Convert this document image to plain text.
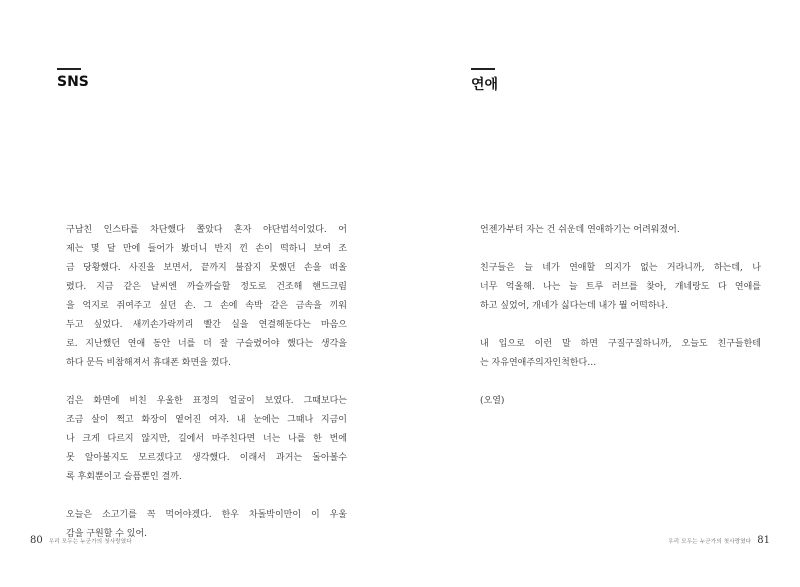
SNS

구남친 인스타를 차단했다 쫄았다 혼자 야단법석이었다. 어
제는 몇 달 만에 들어가 봤더니 반지 낀 손이 떡하니 보여 조
금 당황했다. 사진을 보면서, 끝까지 불잡지 못했던 손을 떠올
렸다. 지금 같은 날씨엔 까슬까슬할 정도로 건조해 핸드크림
을 억지로 쥐여주고 싶던 손. 그 손에 속박 같은 금속을 끼워
두고 싶었다. 새끼손가락끼리 빨간 실을 연결해둔다는 마음으
로. 지난했던 연애 동안 너를 더 잘 구슬렸어야 했다는 생각을
하다 문득 비참해져서 휴대폰 화면을 껐다.

검은 화면에 비친 우울한 표정의 얼굴이 보였다. 그때보다는
조금 살이 쩍고 화장이 옅어진 여자. 내 눈에는 그때나 지금이
나 크게 다르지 않지만, 길에서 마주친다면 너는 나를 한 번에
못 알아볼지도 모르겠다고 생각했다. 이래서 과거는 돌아볼수
록 후회뿐이고 슬픔뿐인 결까.

오늘은 소고기를 꼭 먹어야겠다. 한우 차돌박이만이 이 우울
감을 구원할 수 있어.

80 우리 모두는 누군가의 첫사랑였다
연애

언젠가부터 자는 건 쉬운데 연애하기는 어려워졌어.

친구들은 늘 네가 연애할 의지가 없는 거라니까, 하는데, 나
너무 억울해. 나는 늘 트루 러브를 찾아, 개네랑도 다 연애를
하고 싶었어, 개네가 싫다는데 내가 뭘 어떡하나.

내 입으로 이런 말 하면 구질구질하니까, 오늘도 친구들한테
는 자유연애주의자인척한다…

(오열)

우리 모두는 누군가의 첫사랑였다 81
